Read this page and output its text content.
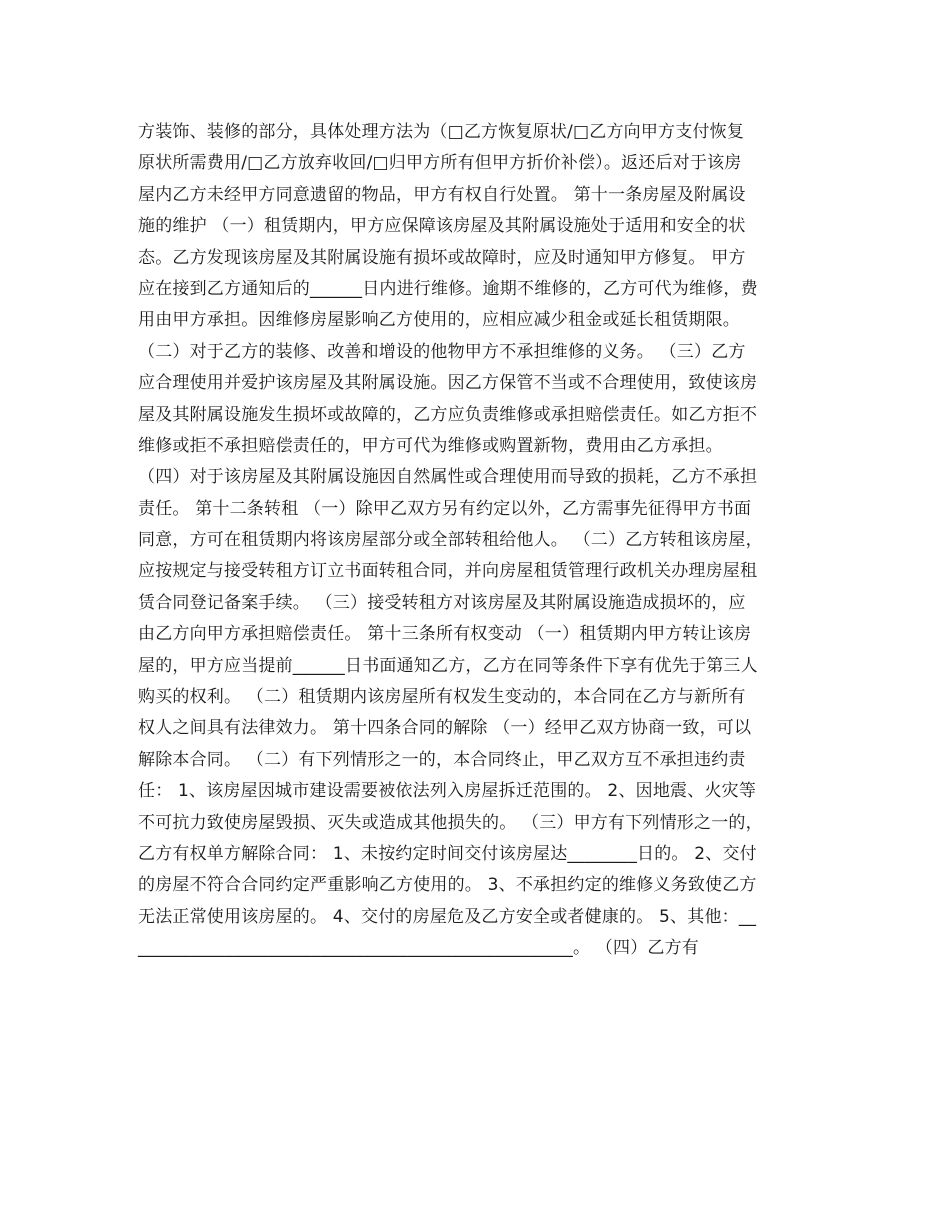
方装饰、装修的部分，具体处理方法为（□乙方恢复原状/□乙方向甲方支付恢复
原状所需费用/□乙方放弃收回/□归甲方所有但甲方折价补偿）。返还后对于该房
屋内乙方未经甲方同意遗留的物品，甲方有权自行处置。 第十一条房屋及附属设
施的维护 （一）租赁期内，甲方应保障该房屋及其附属设施处于适用和安全的状
态。乙方发现该房屋及其附属设施有损坏或故障时，应及时通知甲方修复。 甲方
应在接到乙方通知后的______日内进行维修。逾期不维修的，乙方可代为维修，费
用由甲方承担。因维修房屋影响乙方使用的，应相应减少租金或延长租赁期限。
（二）对于乙方的装修、改善和增设的他物甲方不承担维修的义务。 （三）乙方
应合理使用并爱护该房屋及其附属设施。因乙方保管不当或不合理使用，致使该房
屋及其附属设施发生损坏或故障的，乙方应负责维修或承担赔偿责任。如乙方拒不
维修或拒不承担赔偿责任的，甲方可代为维修或购置新物，费用由乙方承担。
（四）对于该房屋及其附属设施因自然属性或合理使用而导致的损耗，乙方不承担
责任。 第十二条转租 （一）除甲乙双方另有约定以外，乙方需事先征得甲方书面
同意，方可在租赁期内将该房屋部分或全部转租给他人。 （二）乙方转租该房屋，
应按规定与接受转租方订立书面转租合同，并向房屋租赁管理行政机关办理房屋租
赁合同登记备案手续。 （三）接受转租方对该房屋及其附属设施造成损坏的，应
由乙方向甲方承担赔偿责任。 第十三条所有权变动 （一）租赁期内甲方转让该房
屋的，甲方应当提前______日书面通知乙方，乙方在同等条件下享有优先于第三人
购买的权利。 （二）租赁期内该房屋所有权发生变动的，本合同在乙方与新所有
权人之间具有法律效力。 第十四条合同的解除 （一）经甲乙双方协商一致，可以
解除本合同。 （二）有下列情形之一的，本合同终止，甲乙双方互不承担违约责
任： 1、该房屋因城市建设需要被依法列入房屋拆迁范围的。 2、因地震、火灾等
不可抗力致使房屋毁损、灭失或造成其他损失的。 （三）甲方有下列情形之一的，
乙方有权单方解除合同： 1、未按约定时间交付该房屋达________日的。 2、交付
的房屋不符合合同约定严重影响乙方使用的。 3、不承担约定的维修义务致使乙方
无法正常使用该房屋的。 4、交付的房屋危及乙方安全或者健康的。 5、其他：__
__________________________________________________。 （四）乙方有
